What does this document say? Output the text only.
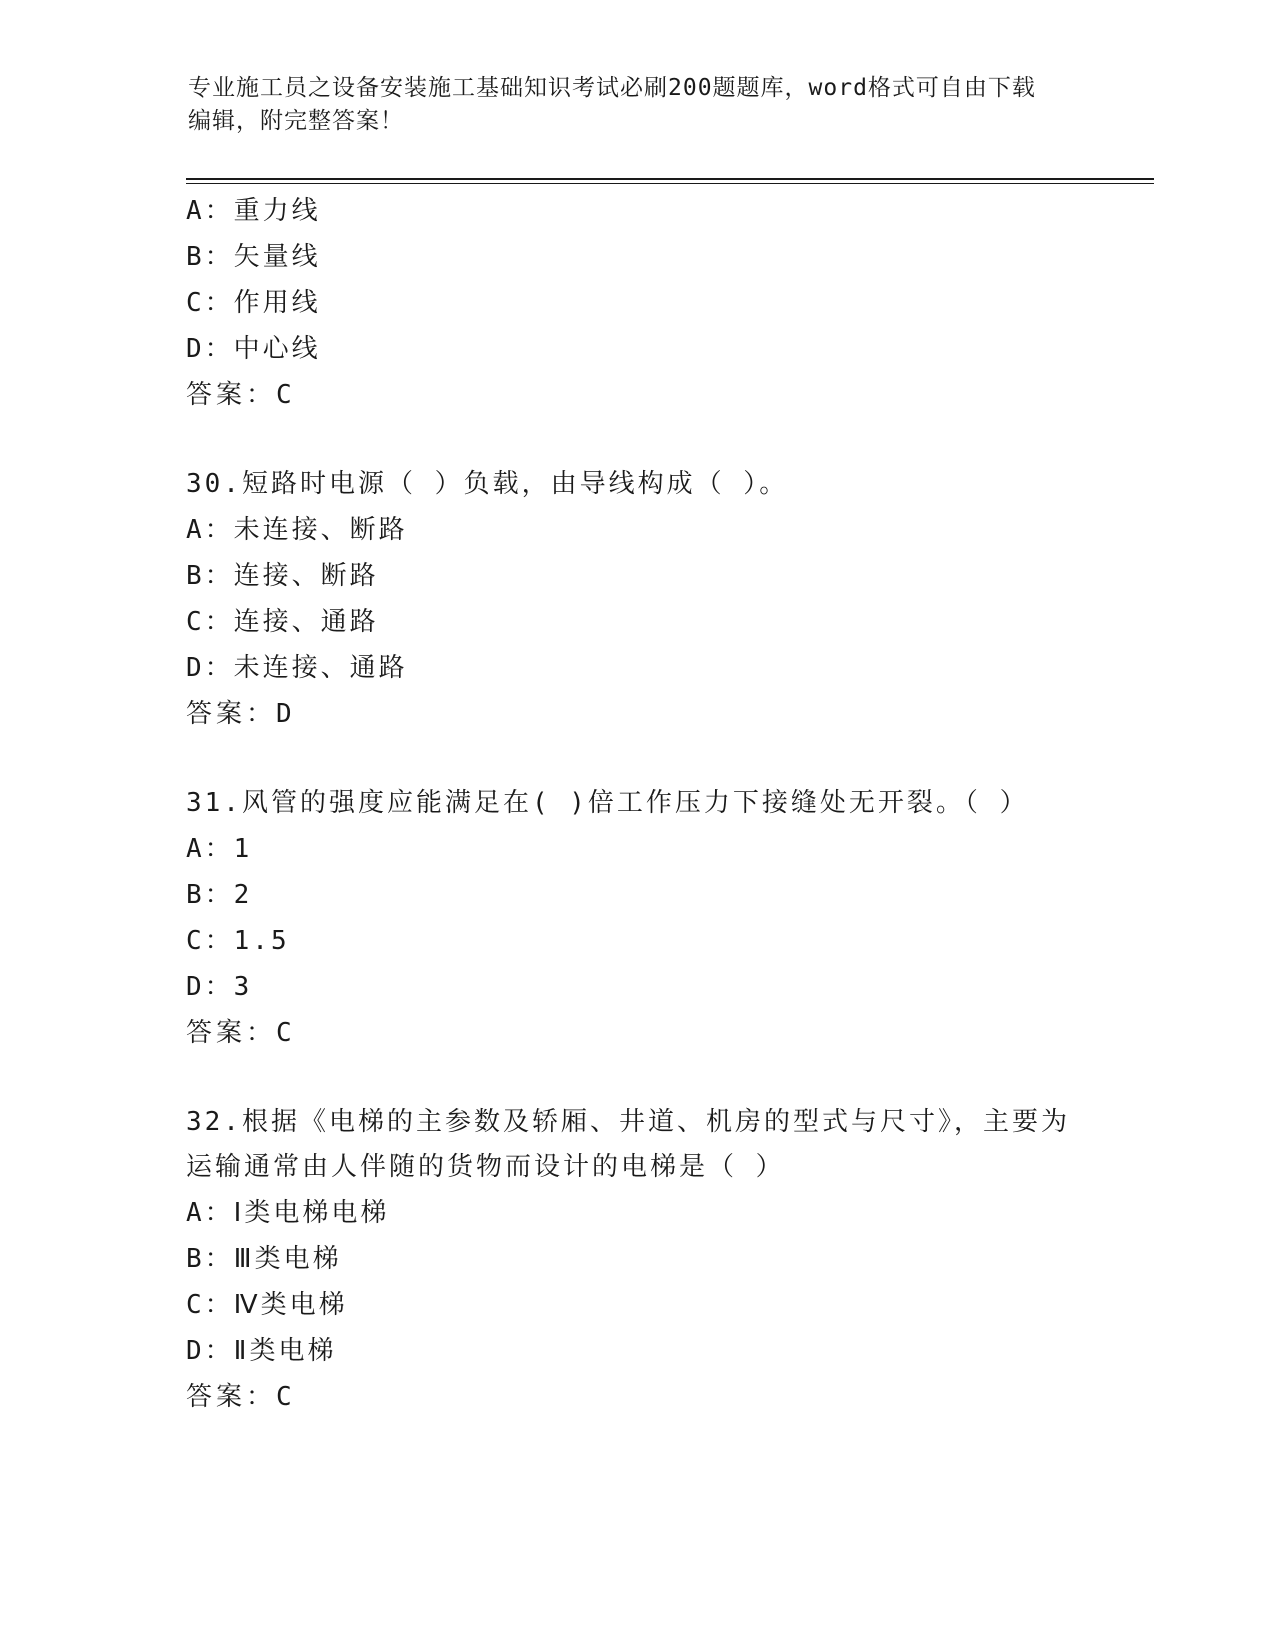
专业施工员之设备安装施工基础知识考试必刷200题题库，word格式可自由下载
编辑，附完整答案！
A：重力线
B：矢量线
C：作用线
D：中心线
答案：C
30.短路时电源（ ）负载，由导线构成（ ）。
A：未连接、断路
B：连接、断路
C：连接、通路
D：未连接、通路
答案：D
31.风管的强度应能满足在( )倍工作压力下接缝处无开裂。（ ）
A：1
B：2
C：1.5
D：3
答案：C
32.根据《电梯的主参数及轿厢、井道、机房的型式与尺寸》，主要为
运输通常由人伴随的货物而设计的电梯是（ ）
A：Ⅰ类电梯电梯
B：Ⅲ类电梯
C：Ⅳ类电梯
D：Ⅱ类电梯
答案：C
